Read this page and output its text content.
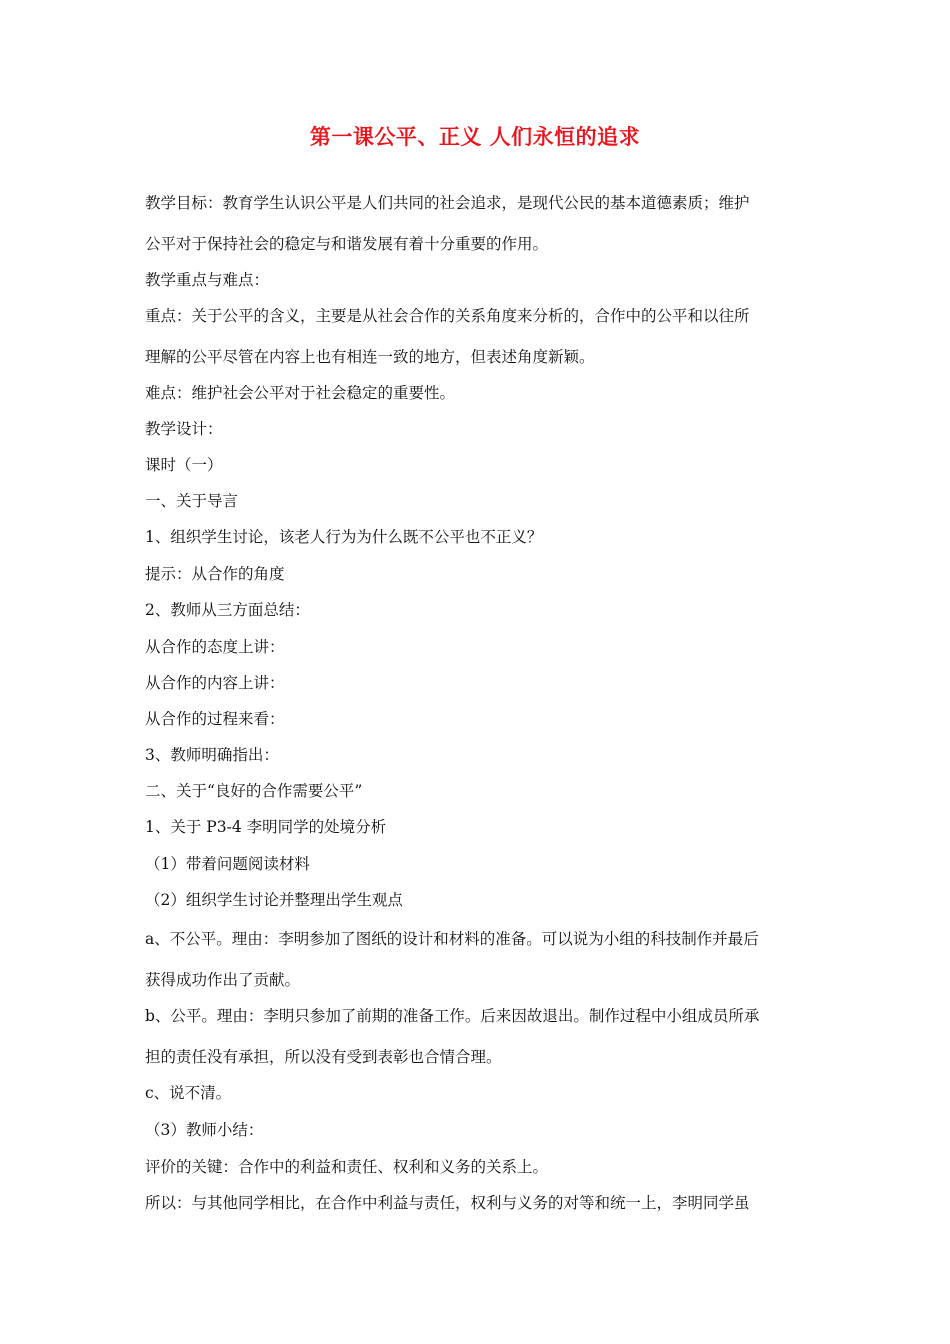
第一课公平、正义 人们永恒的追求
教学目标：教育学生认识公平是人们共同的社会追求，是现代公民的基本道德素质；维护
公平对于保持社会的稳定与和谐发展有着十分重要的作用。
教学重点与难点：
重点：关于公平的含义，主要是从社会合作的关系角度来分析的，合作中的公平和以往所
理解的公平尽管在内容上也有相连一致的地方，但表述角度新颖。
难点：维护社会公平对于社会稳定的重要性。
教学设计：
课时（一）
一、关于导言
1、组织学生讨论，该老人行为为什么既不公平也不正义？
提示：从合作的角度
2、教师从三方面总结：
从合作的态度上讲：
从合作的内容上讲：
从合作的过程来看：
3、教师明确指出：
二、关于“良好的合作需要公平”
1、关于 P3-4 李明同学的处境分析
（1）带着问题阅读材料
（2）组织学生讨论并整理出学生观点
a、不公平。理由：李明参加了图纸的设计和材料的准备。可以说为小组的科技制作并最后
获得成功作出了贡献。
b、公平。理由：李明只参加了前期的准备工作。后来因故退出。制作过程中小组成员所承
担的责任没有承担，所以没有受到表彰也合情合理。
c、说不清。
（3）教师小结：
评价的关键：合作中的利益和责任、权利和义务的关系上。
所以：与其他同学相比，在合作中利益与责任，权利与义务的对等和统一上，李明同学虽
